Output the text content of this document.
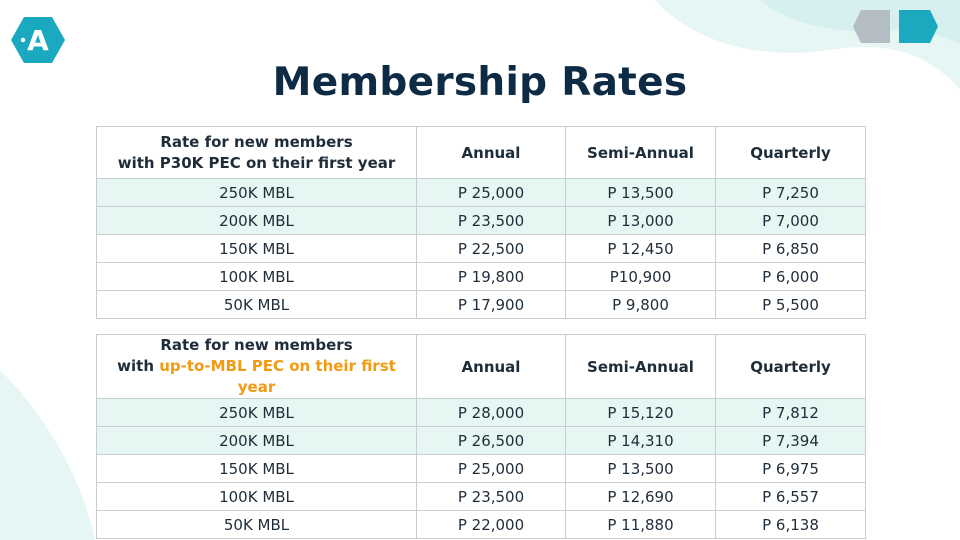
A
Membership Rates
Rate for new members
with P30K PEC on their first year	Annual	Semi-Annual	Quarterly
250K MBL	P 25,000	P 13,500	P 7,250
200K MBL	P 23,500	P 13,000	P 7,000
150K MBL	P 22,500	P 12,450	P 6,850
100K MBL	P 19,800	P10,900	P 6,000
50K MBL	P 17,900	P 9,800	P 5,500
Rate for new members
with up-to-MBL PEC on their first year	Annual	Semi-Annual	Quarterly
250K MBL	P 28,000	P 15,120	P 7,812
200K MBL	P 26,500	P 14,310	P 7,394
150K MBL	P 25,000	P 13,500	P 6,975
100K MBL	P 23,500	P 12,690	P 6,557
50K MBL	P 22,000	P 11,880	P 6,138
